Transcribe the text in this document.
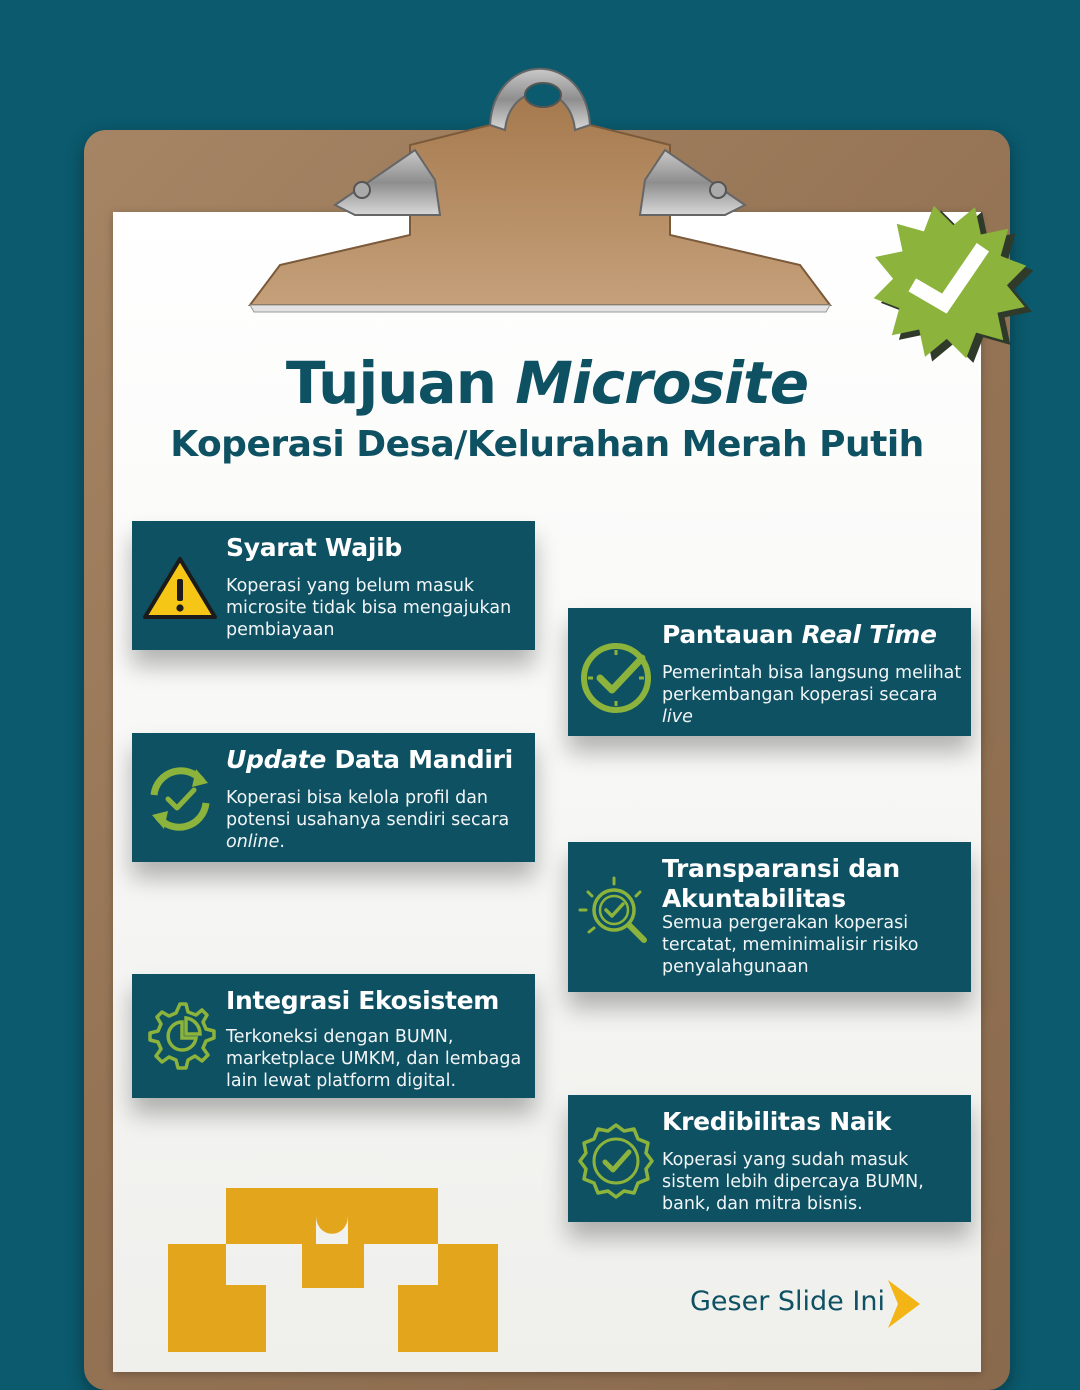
Tujuan Microsite
Koperasi Desa/Kelurahan Merah Putih
Syarat Wajib
Koperasi yang belum masuk microsite tidak bisa mengajukan pembiayaan	Pantauan Real Time
Pemerintah bisa langsung melihat perkembangan koperasi secara live
Update Data Mandiri
Koperasi bisa kelola profil dan potensi usahanya sendiri secara online.
Transparansi dan Akuntabilitas
Semua pergerakan koperasi tercatat, meminimalisir risiko penyalahgunaan
Integrasi Ekosistem
Terkoneksi dengan BUMN, marketplace UMKM, dan lembaga lain lewat platform digital.
Kredibilitas Naik
Koperasi yang sudah masuk sistem lebih dipercaya BUMN, bank, dan mitra bisnis.
Geser Slide Ini
